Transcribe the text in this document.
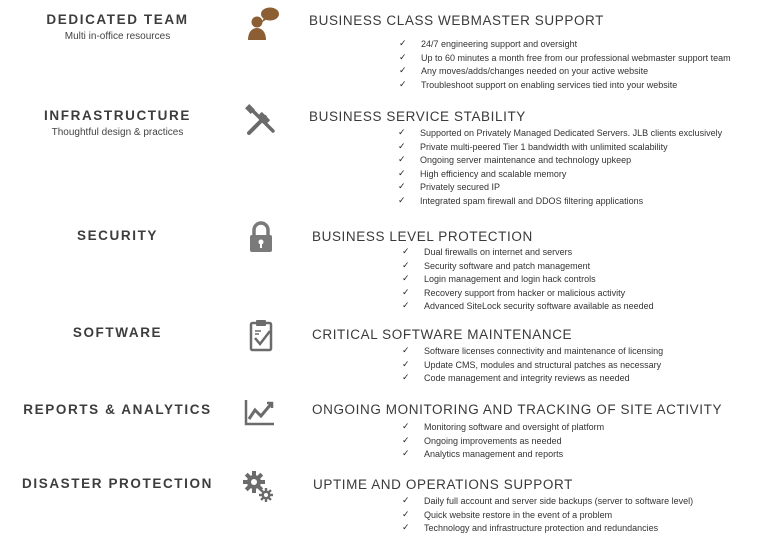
DEDICATED TEAM
Multi in-office resources
BUSINESS CLASS WEBMASTER SUPPORT
✓ 24/7 engineering support and oversight
✓ Up to 60 minutes a month free from our professional webmaster support team
✓ Any moves/adds/changes needed on your active website
✓ Troubleshoot support on enabling services tied into your website
INFRASTRUCTURE
Thoughtful design & practices
BUSINESS SERVICE STABILITY
✓ Supported on Privately Managed Dedicated Servers. JLB clients exclusively
✓ Private multi-peered Tier 1 bandwidth with unlimited scalability
✓ Ongoing server maintenance and technology upkeep
✓ High efficiency and scalable memory
✓ Privately secured IP
✓ Integrated spam firewall and DDOS filtering applications
SECURITY	BUSINESS LEVEL PROTECTION
✓ Dual firewalls on internet and servers
✓ Security software and patch management
✓ Login management and login hack controls
✓ Recovery support from hacker or malicious activity
✓ Advanced SiteLock security software available as needed
SOFTWARE	CRITICAL SOFTWARE MAINTENANCE
✓ Software licenses connectivity and maintenance of licensing
✓ Update CMS, modules and structural patches as necessary
✓ Code management and integrity reviews as needed
REPORTS & ANALYTICS	ONGOING MONITORING AND TRACKING OF SITE ACTIVITY
✓ Monitoring software and oversight of platform
✓ Ongoing improvements as needed
✓ Analytics management and reports
DISASTER PROTECTION	UPTIME AND OPERATIONS SUPPORT
✓ Daily full account and server side backups (server to software level)
✓ Quick website restore in the event of a problem
✓ Technology and infrastructure protection and redundancies
